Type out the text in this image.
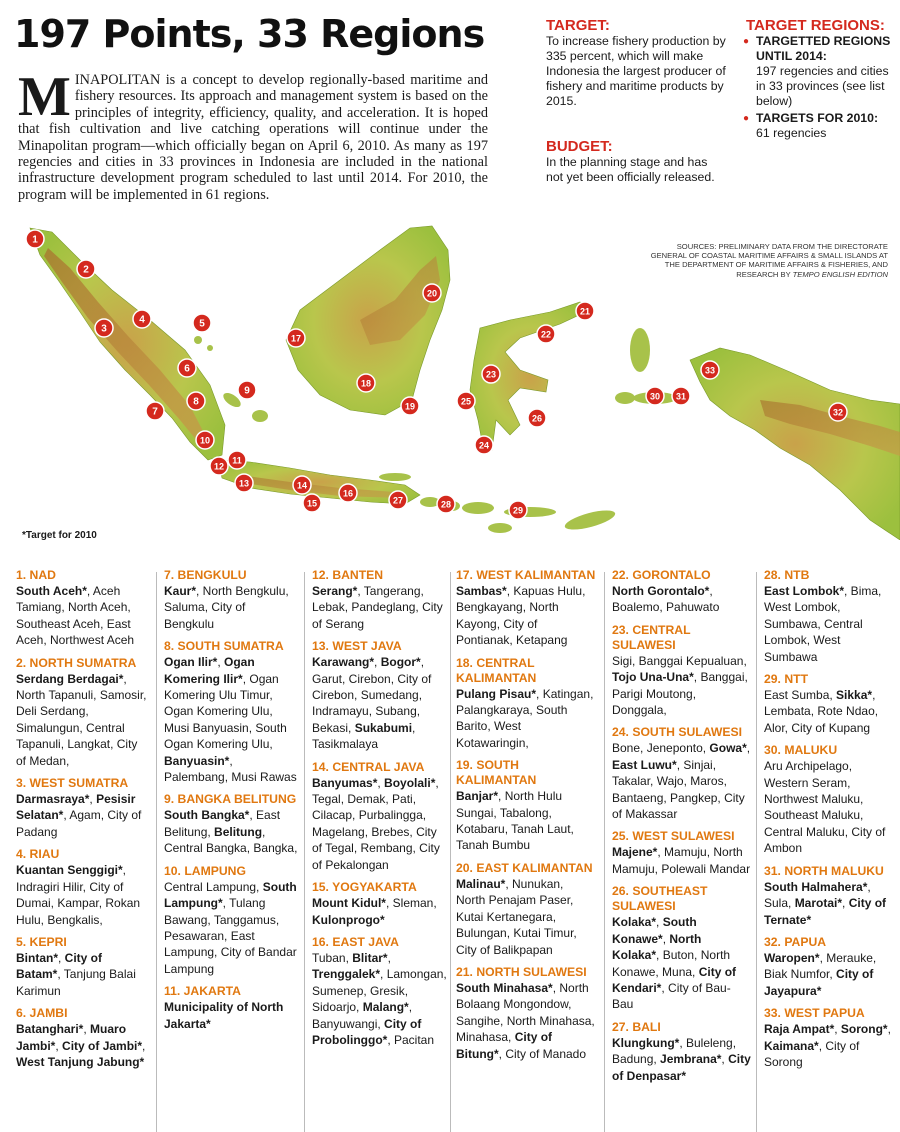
197 Points, 33 Regions

MINAPOLITAN is a concept to develop regionally-based maritime and fishery resources. Its approach and management system is based on the principles of integrity, efficiency, quality, and acceleration. It is hoped that fish cultivation and live catching operations will continue under the Minapolitan program—which officially began on April 6, 2010. As many as 197 regencies and cities in 33 provinces in Indonesia are included in the national infrastructure development program scheduled to last until 2014. For 2010, the program will be implemented in 61 regions.

TARGET:
To increase fishery production by 335 percent, which will make Indonesia the largest producer of fishery and maritime products by 2015.
BUDGET:
In the planning stage and has not yet been officially released.
TARGET REGIONS:
● TARGETTED REGIONS UNTIL 2014:
197 regencies and cities in 33 provinces (see list below)
● TARGETS FOR 2010:
61 regencies
1
2
3
4	5
6
7
8
9
10
11
12
13	14
15
16
17
18
19
20
21
22
23
24
25
26
27	28
29
30 31
32
33
SOURCES: PRELIMINARY DATA FROM THE DIRECTORATE GENERAL OF COASTAL MARITIME AFFAIRS & SMALL ISLANDS AT THE DEPARTMENT OF MARITIME AFFAIRS & FISHERIES, AND RESEARCH BY TEMPO ENGLISH EDITION
*Target for 2010
1. NAD
South Aceh*, Aceh Tamiang, North Aceh, Southeast Aceh, East Aceh, Northwest Aceh
2. NORTH SUMATRA
Serdang Berdagai*, North Tapanuli, Samosir, Deli Serdang, Simalungun, Central Tapanuli, Langkat, City of Medan,
3. WEST SUMATRA
Darmasraya*, Pesisir Selatan*, Agam, City of Padang
4. RIAU
Kuantan Senggigi*, Indragiri Hilir, City of Dumai, Kampar, Rokan Hulu, Bengkalis,
5. KEPRI
Bintan*, City of Batam*, Tanjung Balai Karimun
6. JAMBI
Batanghari*, Muaro Jambi*, City of Jambi*, West Tanjung Jabung*
7. BENGKULU
Kaur*, North Bengkulu, Saluma, City of Bengkulu
8. SOUTH SUMATRA
Ogan Ilir*, Ogan Komering Ilir*, Ogan Komering Ulu Timur, Ogan Komering Ulu, Musi Banyuasin, South Ogan Komering Ulu, Banyuasin*, Palembang, Musi Rawas
9. BANGKA BELITUNG
South Bangka*, East Belitung, Belitung, Central Bangka, Bangka,
10. LAMPUNG
Central Lampung, South Lampung*, Tulang Bawang, Tanggamus, Pesawaran, East Lampung, City of Bandar Lampung
11. JAKARTA
Municipality of North Jakarta*
12. BANTEN
Serang*, Tangerang, Lebak, Pandeglang, City of Serang
13. WEST JAVA
Karawang*, Bogor*, Garut, Cirebon, City of Cirebon, Sumedang, Indramayu, Subang, Bekasi, Sukabumi, Tasikmalaya
14. CENTRAL JAVA
Banyumas*, Boyolali*, Tegal, Demak, Pati, Cilacap, Purbalingga, Magelang, Brebes, City of Tegal, Rembang, City of Pekalongan
15. YOGYAKARTA
Mount Kidul*, Sleman, Kulonprogo*
16. EAST JAVA
Tuban, Blitar*, Trenggalek*, Lamongan, Sumenep, Gresik, Sidoarjo, Malang*, Banyuwangi, City of Probolinggo*, Pacitan
17. WEST KALIMANTAN
Sambas*, Kapuas Hulu, Bengkayang, North Kayong, City of Pontianak, Ketapang
18. CENTRAL KALIMANTAN
Pulang Pisau*, Katingan, Palangkaraya, South Barito, West Kotawaringin,
19. SOUTH KALIMANTAN
Banjar*, North Hulu Sungai, Tabalong, Kotabaru, Tanah Laut, Tanah Bumbu
20. EAST KALIMANTAN
Malinau*, Nunukan, North Penajam Paser, Kutai Kertanegara, Bulungan, Kutai Timur, City of Balikpapan
21. NORTH SULAWESI
South Minahasa*, North Bolaang Mongondow, Sangihe, North Minahasa, Minahasa, City of Bitung*, City of Manado
22. GORONTALO
North Gorontalo*, Boalemo, Pahuwato
23. CENTRAL SULAWESI
Sigi, Banggai Kepualuan, Tojo Una-Una*, Banggai, Parigi Moutong, Donggala,
24. SOUTH SULAWESI
Bone, Jeneponto, Gowa*, East Luwu*, Sinjai, Takalar, Wajo, Maros, Bantaeng, Pangkep, City of Makassar
25. WEST SULAWESI
Majene*, Mamuju, North Mamuju, Polewali Mandar
26. SOUTHEAST SULAWESI
Kolaka*, South Konawe*, North Kolaka*, Buton, North Konawe, Muna, City of Kendari*, City of Bau-Bau
27. BALI
Klungkung*, Buleleng, Badung, Jembrana*, City of Denpasar*
28. NTB
East Lombok*, Bima, West Lombok, Sumbawa, Central Lombok, West Sumbawa
29. NTT
East Sumba, Sikka*, Lembata, Rote Ndao, Alor, City of Kupang
30. MALUKU
Aru Archipelago, Western Seram, Northwest Maluku, Southeast Maluku, Central Maluku, City of Ambon
31. NORTH MALUKU
South Halmahera*, Sula, Marotai*, City of Ternate*
32. PAPUA
Waropen*, Merauke, Biak Numfor, City of Jayapura*
33. WEST PAPUA
Raja Ampat*, Sorong*, Kaimana*, City of Sorong
